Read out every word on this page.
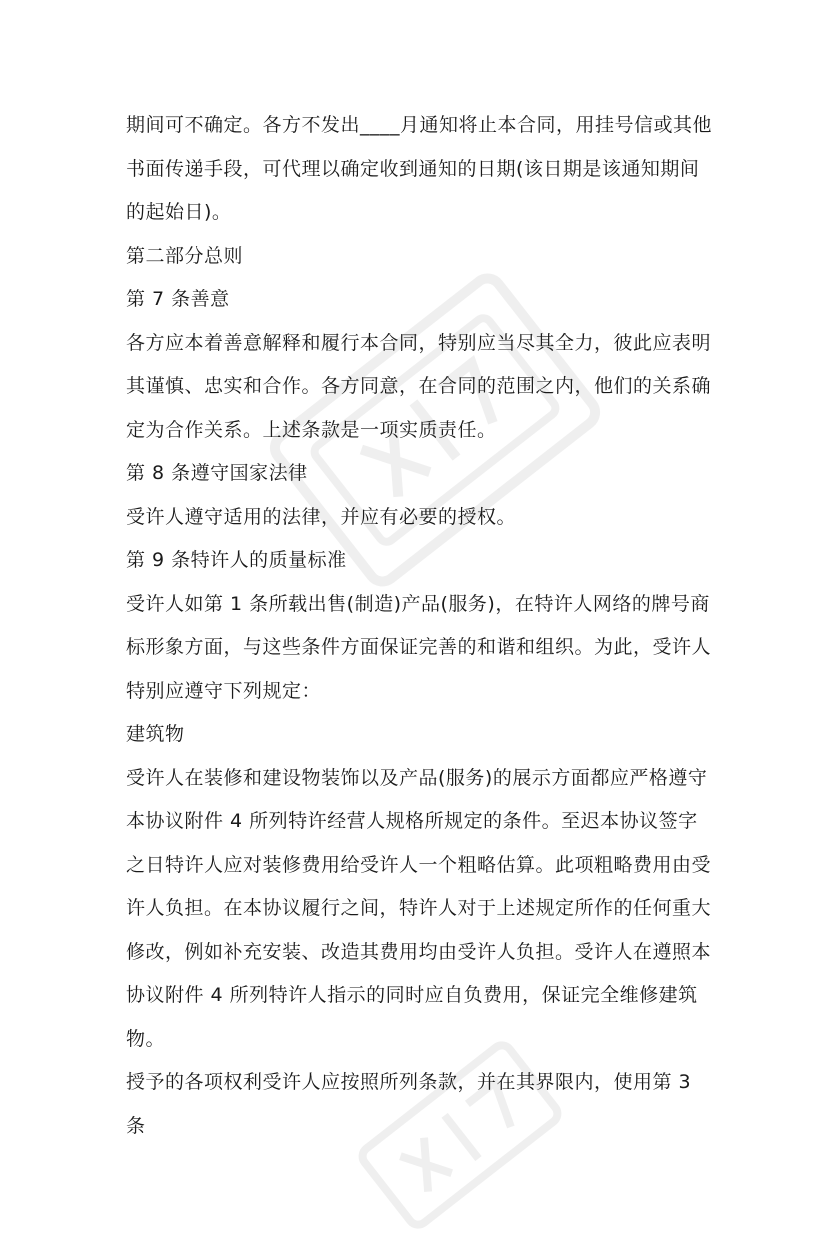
期间可不确定。各方不发出____月通知将止本合同，用挂号信或其他书面传递手段，可代理以确定收到通知的日期(该日期是该通知期间的起始日)。

第二部分总则

第 7 条善意

各方应本着善意解释和履行本合同，特别应当尽其全力，彼此应表明其谨慎、忠实和合作。各方同意，在合同的范围之内，他们的关系确定为合作关系。上述条款是一项实质责任。

第 8 条遵守国家法律

受许人遵守适用的法律，并应有必要的授权。

第 9 条特许人的质量标准

受许人如第 1 条所载出售(制造)产品(服务)，在特许人网络的牌号商标形象方面，与这些条件方面保证完善的和谐和组织。为此，受许人特别应遵守下列规定：

建筑物

受许人在装修和建设物装饰以及产品(服务)的展示方面都应严格遵守本协议附件 4 所列特许经营人规格所规定的条件。至迟本协议签字之日特许人应对装修费用给受许人一个粗略估算。此项粗略费用由受许人负担。在本协议履行之间，特许人对于上述规定所作的任何重大修改，例如补充安装、改造其费用均由受许人负担。受许人在遵照本协议附件 4 所列特许人指示的同时应自负费用，保证完全维修建筑物。

授予的各项权利受许人应按照所列条款，并在其界限内，使用第 3 条
